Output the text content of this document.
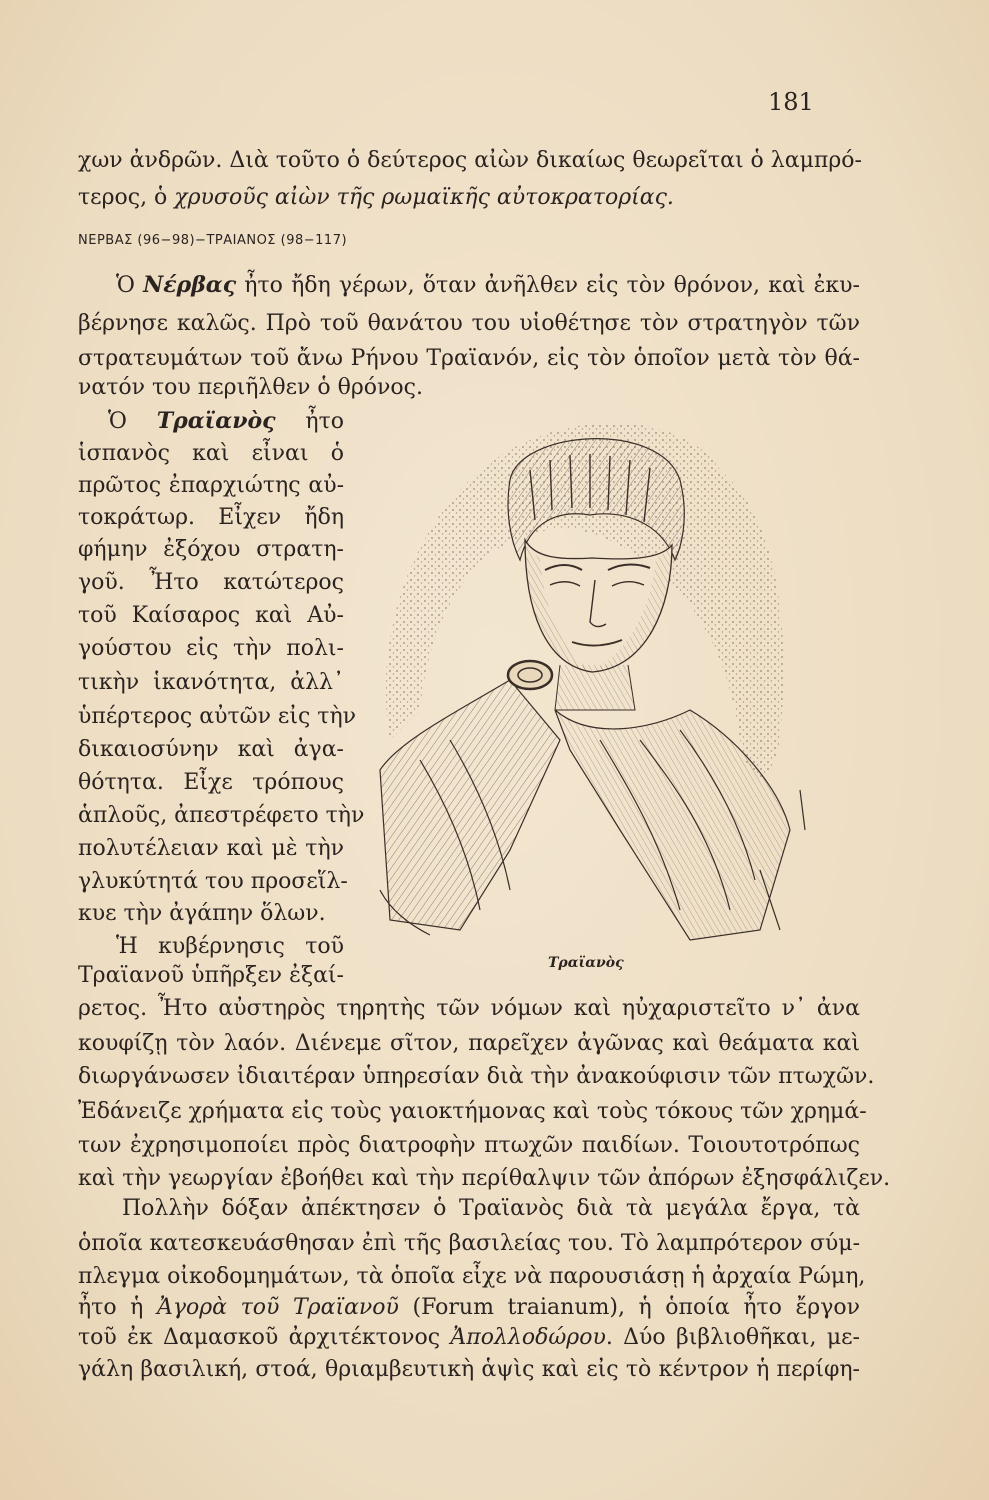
181
χων ἀνδρῶν. Διὰ τοῦτο ὁ δεύτερος αἰὼν δικαίως θεωρεῖται ὁ λαμπρό-
τερος, ὁ χρυσοῦς αἰὼν τῆς ρωμαϊκῆς αὐτοκρατορίας.
ΝΕΡΒΑΣ (96−98)−ΤΡΑΙΑΝΟΣ (98−117)
Ὁ Νέρβας ἦτο ἤδη γέρων, ὅταν ἀνῆλθεν εἰς τὸν θρόνον, καὶ ἐκυ-
βέρνησε καλῶς. Πρὸ τοῦ θανάτου του υἱοθέτησε τὸν στρατηγὸν τῶν
στρατευμάτων τοῦ ἄνω Ρήνου Τραϊανόν, εἰς τὸν ὁποῖον μετὰ τὸν θά-
νατόν του περιῆλθεν ὁ θρόνος.
Ὁ Τραϊανὸς ἦτο
ἱσπανὸς καὶ εἶναι ὁ
πρῶτος ἐπαρχιώτης αὐ-
τοκράτωρ. Εἶχεν ἤδη
φήμην ἐξόχου στρατη-
γοῦ. Ἦτο κατώτερος
τοῦ Καίσαρος καὶ Αὐ-
γούστου εἰς τὴν πολι-
τικὴν ἱκανότητα, ἀλλ᾽
ὑπέρτερος αὐτῶν εἰς τὴν
δικαιοσύνην καὶ ἀγα-
θότητα. Εἶχε τρόπους
ἁπλοῦς, ἀπεστρέφετο τὴν
πολυτέλειαν καὶ μὲ τὴν
γλυκύτητά του προσεἵλ-
κυε τὴν ἀγάπην ὅλων.
Ἡ κυβέρνησις τοῦ
Τραϊανοῦ ὑπῆρξεν ἐξαί-	Τραϊανὸς
ρετος. Ἦτο αὐστηρὸς τηρητὴς τῶν νόμων καὶ ηὐχαριστεῖτο ν᾽ ἀνα
κουφίζῃ τὸν λαόν. Διένεμε σῖτον, παρεῖχεν ἀγῶνας καὶ θεάματα καὶ
διωργάνωσεν ἰδιαιτέραν ὑπηρεσίαν διὰ τὴν ἀνακούφισιν τῶν πτωχῶν.
Ἐδάνειζε χρήματα εἰς τοὺς γαιοκτήμονας καὶ τοὺς τόκους τῶν χρημά-
των ἐχρησιμοποίει πρὸς διατροφὴν πτωχῶν παιδίων. Τοιουτοτρόπως
καὶ τὴν γεωργίαν ἐβοήθει καὶ τὴν περίθαλψιν τῶν ἀπόρων ἐξησφάλιζεν.
Πολλὴν δόξαν ἀπέκτησεν ὁ Τραϊανὸς διὰ τὰ μεγάλα ἔργα, τὰ
ὁποῖα κατεσκευάσθησαν ἐπὶ τῆς βασιλείας του. Τὸ λαμπρότερον σύμ-
πλεγμα οἰκοδομημάτων, τὰ ὁποῖα εἶχε νὰ παρουσιάσῃ ἡ ἀρχαία Ρώμη,
ἦτο ἡ Ἀγορὰ τοῦ Τραϊανοῦ (Forum traianum), ἡ ὁποία ἦτο ἔργον
τοῦ ἐκ Δαμασκοῦ ἀρχιτέκτονος Ἀπολλοδώρου. Δύο βιβλιοθῆκαι, με-
γάλη βασιλική, στοά, θριαμβευτικὴ ἁψὶς καὶ εἰς τὸ κέντρον ἡ περίφη-
